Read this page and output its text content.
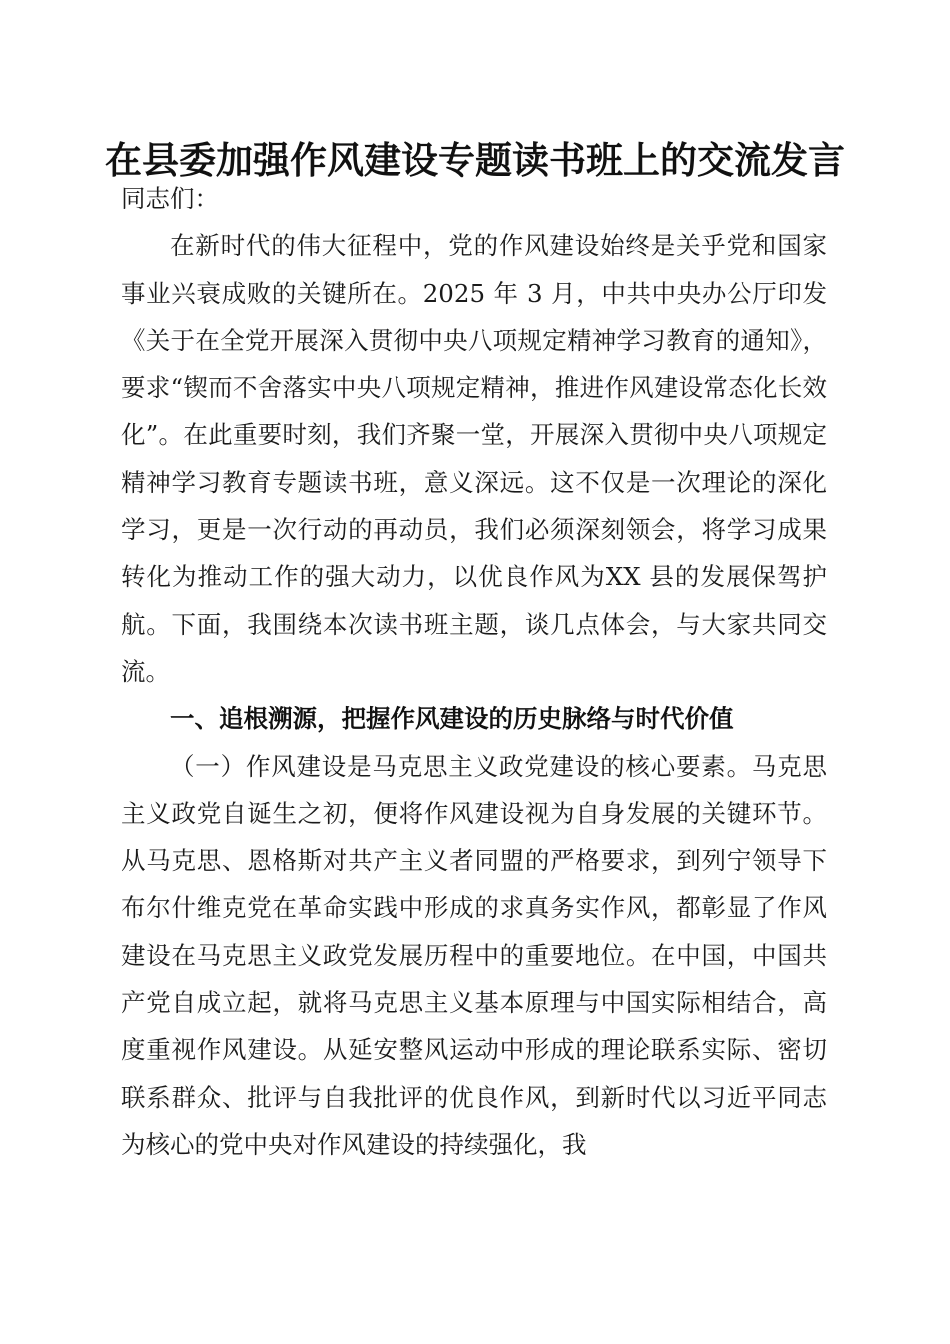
在县委加强作风建设专题读书班上的交流发言

同志们：

在新时代的伟大征程中，党的作风建设始终是关乎党和国家事业兴衰成败的关键所在。2025 年 3 月，中共中央办公厅印发《关于在全党开展深入贯彻中央八项规定精神学习教育的通知》，要求“锲而不舍落实中央八项规定精神，推进作风建设常态化长效化”。在此重要时刻，我们齐聚一堂，开展深入贯彻中央八项规定精神学习教育专题读书班，意义深远。这不仅是一次理论的深化学习，更是一次行动的再动员，我们必须深刻领会，将学习成果转化为推动工作的强大动力，以优良作风为XX 县的发展保驾护航。下面，我围绕本次读书班主题，谈几点体会，与大家共同交流。

一、追根溯源，把握作风建设的历史脉络与时代价值

（一）作风建设是马克思主义政党建设的核心要素。马克思主义政党自诞生之初，便将作风建设视为自身发展的关键环节。从马克思、恩格斯对共产主义者同盟的严格要求，到列宁领导下布尔什维克党在革命实践中形成的求真务实作风，都彰显了作风建设在马克思主义政党发展历程中的重要地位。在中国，中国共产党自成立起，就将马克思主义基本原理与中国实际相结合，高度重视作风建设。从延安整风运动中形成的理论联系实际、密切联系群众、批评与自我批评的优良作风，到新时代以习近平同志为核心的党中央对作风建设的持续强化，我
